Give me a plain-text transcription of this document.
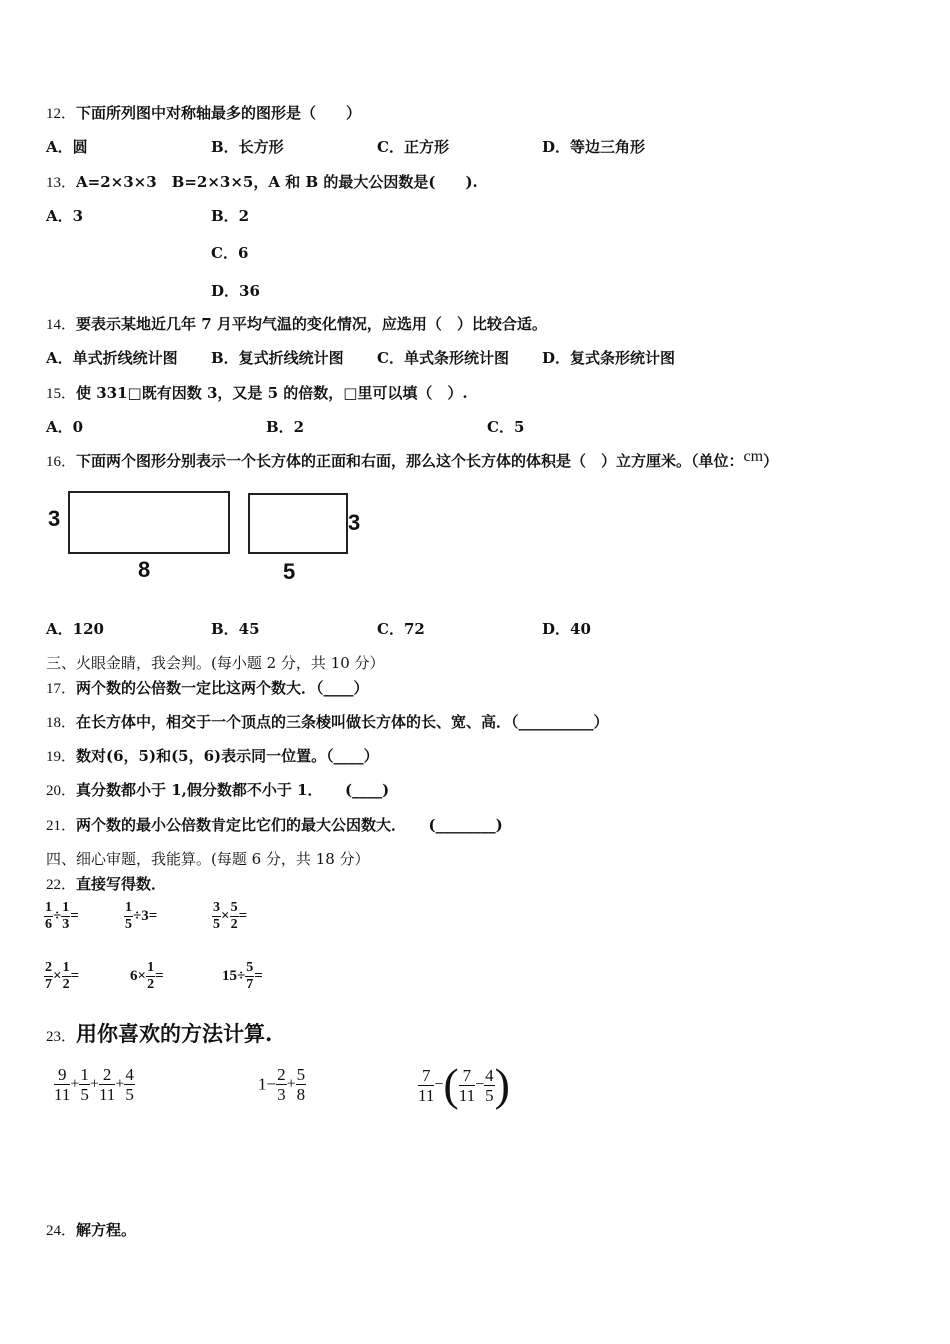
12．下面所列图中对称轴最多的图形是（　　）
A．圆	B．长方形	C．正方形	D．等边三角形
13．A=2×3×3　B=2×3×5，A 和 B 的最大公因数是(　　).
A．3	B．2
C．6
D．36
14．要表示某地近几年 7 月平均气温的变化情况，应选用（　）比较合适。
A．单式折线统计图 B．复式折线统计图 C．单式条形统计图 D．复式条形统计图
15．使 331□既有因数 3，又是 5 的倍数，□里可以填（　）.
A．0	B．2	C．5
16．下面两个图形分别表示一个长方体的正面和右面，那么这个长方体的体积是（　）立方厘米。（单位：cm）
3
8
3
5
A．120	B．45	C．72	D．40
三、火眼金睛，我会判。(每小题 2 分，共 10 分）
17．两个数的公倍数一定比这两个数大．（____）
18．在长方体中，相交于一个顶点的三条棱叫做长方体的长、宽、高．（__________）
19．数对(6，5)和(5，6)表示同一位置。（____）
20．真分数都小于 1,假分数都不小于 1．　　(____)
21．两个数的最小公倍数肯定比它们的最大公因数大．　　(________)
四、细心审题，我能算。(每题 6 分，共 18 分）
22．直接写得数．
$\frac{1}{6} \div \frac{1}{3}$ =	$\frac{1}{5} \div 3=$	$\frac{3}{5} \times \frac{5}{2}$ =
$\frac{2}{7} \times \frac{1}{2}$ =	$6\times \frac{1}{2}$ =	$15\div \frac{5}{7}$ =
23．用你喜欢的方法计算.
$\frac{9}{11} + \frac{1}{5} + \frac{2}{11} + \frac{4}{5}$	$1- \frac{2}{3} + \frac{5}{8}$	$\frac{7}{11}$ −( $\frac{7}{11} - \frac{4}{5}$ )
24．解方程。
